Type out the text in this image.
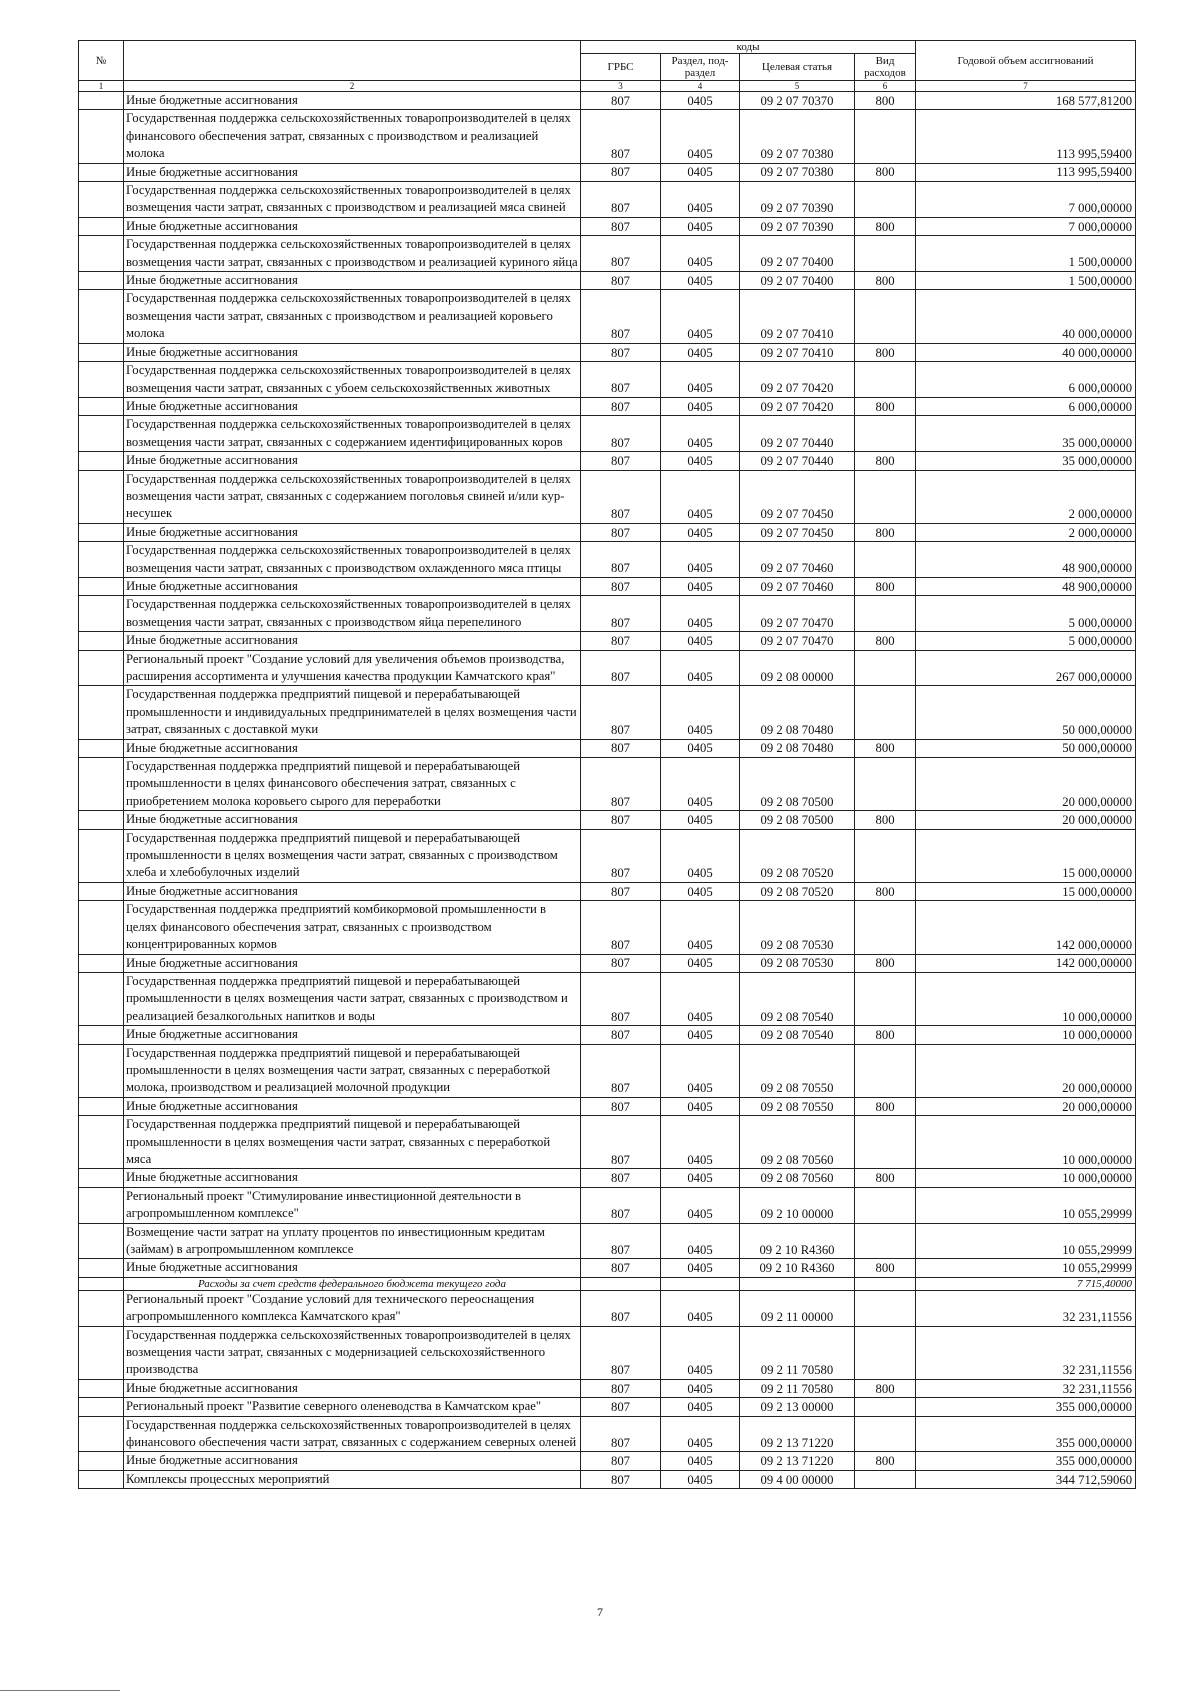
№		коды				Годовой объем ассигнований
		ГРБС	Раздел, под-раздел	Целевая статья	Вид расходов	
1	2	3	4	5	6	7
	Иные бюджетные ассигнования	807	0405	09 2 07 70370	800	168 577,81200
	Государственная поддержка сельскохозяйственных товаропроизводителей в целях финансового обеспечения затрат, связанных с производством и реализацией молока	807	0405	09 2 07 70380		113 995,59400
	Иные бюджетные ассигнования	807	0405	09 2 07 70380	800	113 995,59400
	Государственная поддержка сельскохозяйственных товаропроизводителей в целях возмещения части затрат, связанных с производством и реализацией мяса свиней	807	0405	09 2 07 70390		7 000,00000
	Иные бюджетные ассигнования	807	0405	09 2 07 70390	800	7 000,00000
	Государственная поддержка сельскохозяйственных товаропроизводителей в целях возмещения части затрат, связанных с производством и реализацией куриного яйца	807	0405	09 2 07 70400		1 500,00000
	Иные бюджетные ассигнования	807	0405	09 2 07 70400	800	1 500,00000
	Государственная поддержка сельскохозяйственных товаропроизводителей в целях возмещения части затрат, связанных с производством и реализацией коровьего молока	807	0405	09 2 07 70410		40 000,00000
	Иные бюджетные ассигнования	807	0405	09 2 07 70410	800	40 000,00000
	Государственная поддержка сельскохозяйственных товаропроизводителей в целях возмещения части затрат, связанных с убоем сельскохозяйственных животных	807	0405	09 2 07 70420		6 000,00000
	Иные бюджетные ассигнования	807	0405	09 2 07 70420	800	6 000,00000
	Государственная поддержка сельскохозяйственных товаропроизводителей в целях возмещения части затрат, связанных с содержанием идентифицированных коров	807	0405	09 2 07 70440		35 000,00000
	Иные бюджетные ассигнования	807	0405	09 2 07 70440	800	35 000,00000
	Государственная поддержка сельскохозяйственных товаропроизводителей в целях возмещения части затрат, связанных с содержанием поголовья свиней и/или кур-несушек	807	0405	09 2 07 70450		2 000,00000
	Иные бюджетные ассигнования	807	0405	09 2 07 70450	800	2 000,00000
	Государственная поддержка сельскохозяйственных товаропроизводителей в целях возмещения части затрат, связанных с производством охлажденного мяса птицы	807	0405	09 2 07 70460		48 900,00000
	Иные бюджетные ассигнования	807	0405	09 2 07 70460	800	48 900,00000
	Государственная поддержка сельскохозяйственных товаропроизводителей в целях возмещения части затрат, связанных с производством яйца перепелиного	807	0405	09 2 07 70470		5 000,00000
	Иные бюджетные ассигнования	807	0405	09 2 07 70470	800	5 000,00000
	Региональный проект "Создание условий для увеличения объемов производства, расширения ассортимента и улучшения качества продукции Камчатского края"	807	0405	09 2 08 00000		267 000,00000
	Государственная поддержка предприятий пищевой и перерабатывающей промышленности и индивидуальных предпринимателей в целях возмещения части затрат, связанных с доставкой муки	807	0405	09 2 08 70480		50 000,00000
	Иные бюджетные ассигнования	807	0405	09 2 08 70480	800	50 000,00000
	Государственная поддержка предприятий пищевой и перерабатывающей промышленности в целях финансового обеспечения затрат, связанных с приобретением молока коровьего сырого для переработки	807	0405	09 2 08 70500		20 000,00000
	Иные бюджетные ассигнования	807	0405	09 2 08 70500	800	20 000,00000
	Государственная поддержка предприятий пищевой и перерабатывающей промышленности в целях возмещения части затрат, связанных с производством хлеба и хлебобулочных изделий	807	0405	09 2 08 70520		15 000,00000
	Иные бюджетные ассигнования	807	0405	09 2 08 70520	800	15 000,00000
	Государственная поддержка предприятий комбикормовой промышленности в целях финансового обеспечения затрат, связанных с производством концентрированных кормов	807	0405	09 2 08 70530		142 000,00000
	Иные бюджетные ассигнования	807	0405	09 2 08 70530	800	142 000,00000
	Государственная поддержка предприятий пищевой и перерабатывающей промышленности в целях возмещения части затрат, связанных с производством и реализацией безалкогольных напитков и воды	807	0405	09 2 08 70540		10 000,00000
	Иные бюджетные ассигнования	807	0405	09 2 08 70540	800	10 000,00000
	Государственная поддержка предприятий пищевой и перерабатывающей промышленности в целях возмещения части затрат, связанных с переработкой молока, производством и реализацией молочной продукции	807	0405	09 2 08 70550		20 000,00000
	Иные бюджетные ассигнования	807	0405	09 2 08 70550	800	20 000,00000
	Государственная поддержка предприятий пищевой и перерабатывающей промышленности в целях возмещения части затрат, связанных с переработкой мяса	807	0405	09 2 08 70560		10 000,00000
	Иные бюджетные ассигнования	807	0405	09 2 08 70560	800	10 000,00000
	Региональный проект "Стимулирование инвестиционной деятельности в агропромышленном комплексе"	807	0405	09 2 10 00000		10 055,29999
	Возмещение части затрат на уплату процентов по инвестиционным кредитам (займам) в агропромышленном комплексе	807	0405	09 2 10 R4360		10 055,29999
	Иные бюджетные ассигнования	807	0405	09 2 10 R4360	800	10 055,29999
	Расходы за счет средств федерального бюджета текущего года					7 715,40000
	Региональный проект "Создание условий для технического переоснащения агропромышленного комплекса Камчатского края"	807	0405	09 2 11 00000		32 231,11556
	Государственная поддержка сельскохозяйственных товаропроизводителей в целях возмещения части затрат, связанных с модернизацией сельскохозяйственного производства	807	0405	09 2 11 70580		32 231,11556
	Иные бюджетные ассигнования	807	0405	09 2 11 70580	800	32 231,11556
	Региональный проект "Развитие северного оленеводства в Камчатском крае"	807	0405	09 2 13 00000		355 000,00000
	Государственная поддержка сельскохозяйственных товаропроизводителей в целях финансового обеспечения части затрат, связанных с содержанием северных оленей	807	0405	09 2 13 71220		355 000,00000
	Иные бюджетные ассигнования	807	0405	09 2 13 71220	800	355 000,00000
	Комплексы процессных мероприятий	807	0405	09 4 00 00000		344 712,59060
7
